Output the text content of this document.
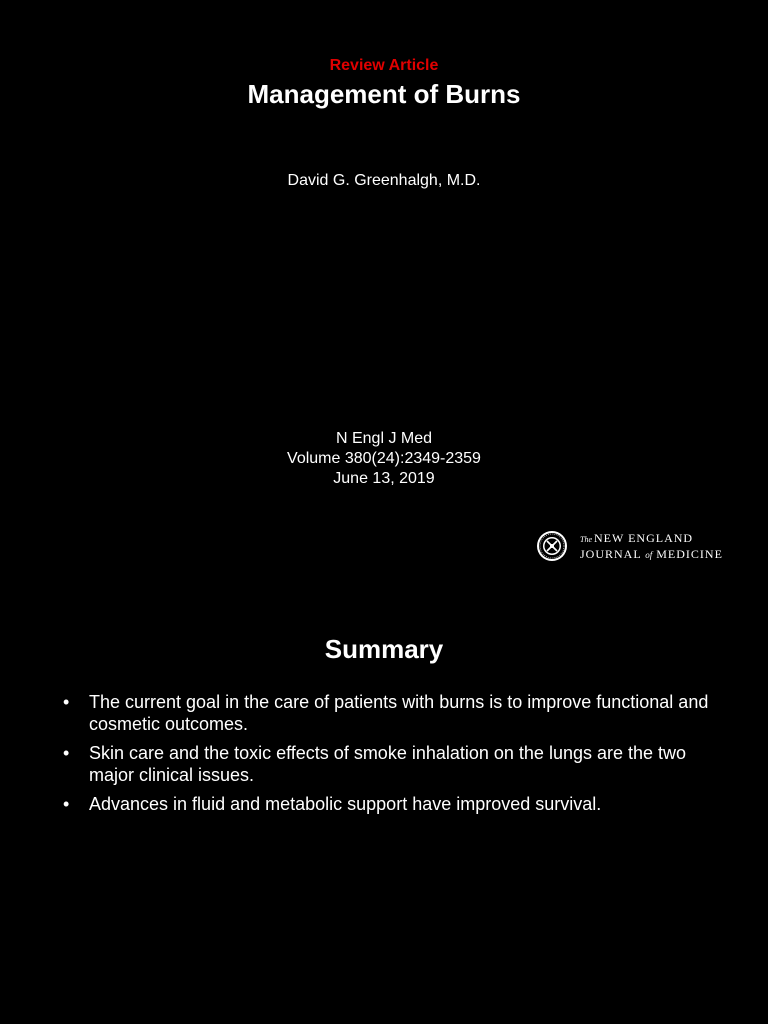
Review Article
Management of Burns
David G. Greenhalgh, M.D.
N Engl J Med
Volume 380(24):2349-2359
June 13, 2019
The NEW ENGLAND
JOURNAL of MEDICINE
Summary
• The current goal in the care of patients with burns is to improve functional and cosmetic outcomes.
• Skin care and the toxic effects of smoke inhalation on the lungs are the two major clinical issues.
• Advances in fluid and metabolic support have improved survival.
